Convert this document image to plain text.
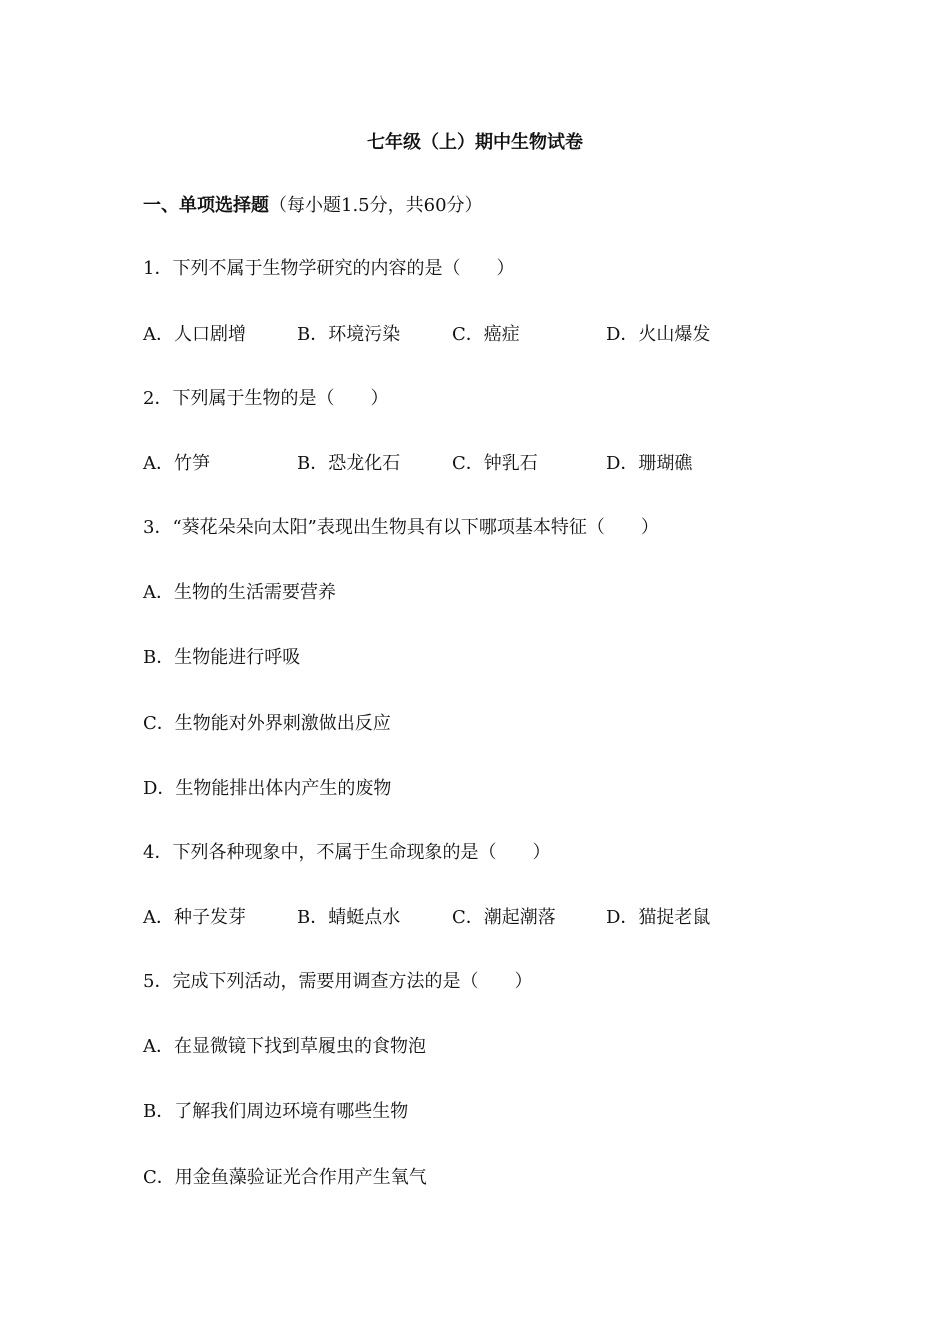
七年级（上）期中生物试卷
一、单项选择题（每小题1.5分，共60分）
1．下列不属于生物学研究的内容的是（　　）
A．人口剧增	B．环境污染	C．癌症	D．火山爆发
2．下列属于生物的是（　　）
A．竹笋	B．恐龙化石	C．钟乳石	D．珊瑚礁
3．“葵花朵朵向太阳”表现出生物具有以下哪项基本特征（　　）
A．生物的生活需要营养
B．生物能进行呼吸
C．生物能对外界刺激做出反应
D．生物能排出体内产生的废物
4．下列各种现象中，不属于生命现象的是（　　）
A．种子发芽	B．蜻蜓点水	C．潮起潮落	D．猫捉老鼠
5．完成下列活动，需要用调查方法的是（　　）
A．在显微镜下找到草履虫的食物泡
B．了解我们周边环境有哪些生物
C．用金鱼藻验证光合作用产生氧气
